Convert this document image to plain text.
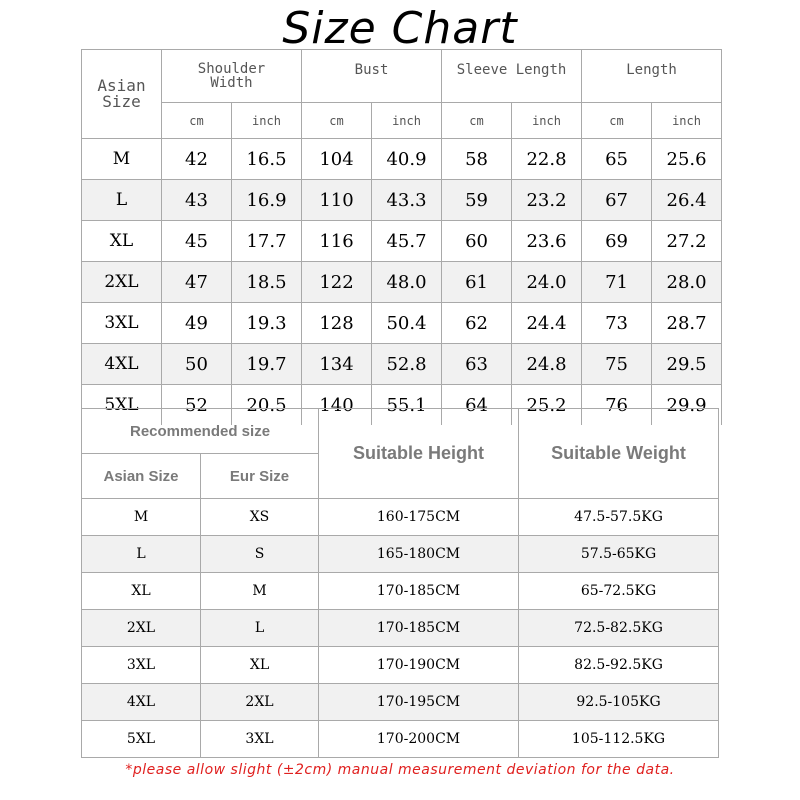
Size Chart
Asian Size	Shoulder Width		Bust		Sleeve Length		Length	
	cm	inch	cm	inch	cm	inch	cm	inch
M	42	16.5	104	40.9	58	22.8	65	25.6
L	43	16.9	110	43.3	59	23.2	67	26.4
XL	45	17.7	116	45.7	60	23.6	69	27.2
2XL	47	18.5	122	48.0	61	24.0	71	28.0
3XL	49	19.3	128	50.4	62	24.4	73	28.7
4XL	50	19.7	134	52.8	63	24.8	75	29.5
5XL	52	20.5	140	55.1	64	25.2	76	29.9
Recommended size		Suitable Height	Suitable Weight
Asian Size	Eur Size		
M	XS	160-175CM	47.5-57.5KG
L	S	165-180CM	57.5-65KG
XL	M	170-185CM	65-72.5KG
2XL	L	170-185CM	72.5-82.5KG
3XL	XL	170-190CM	82.5-92.5KG
4XL	2XL	170-195CM	92.5-105KG
5XL	3XL	170-200CM	105-112.5KG
*please allow slight (±2cm) manual measurement deviation for the data.
